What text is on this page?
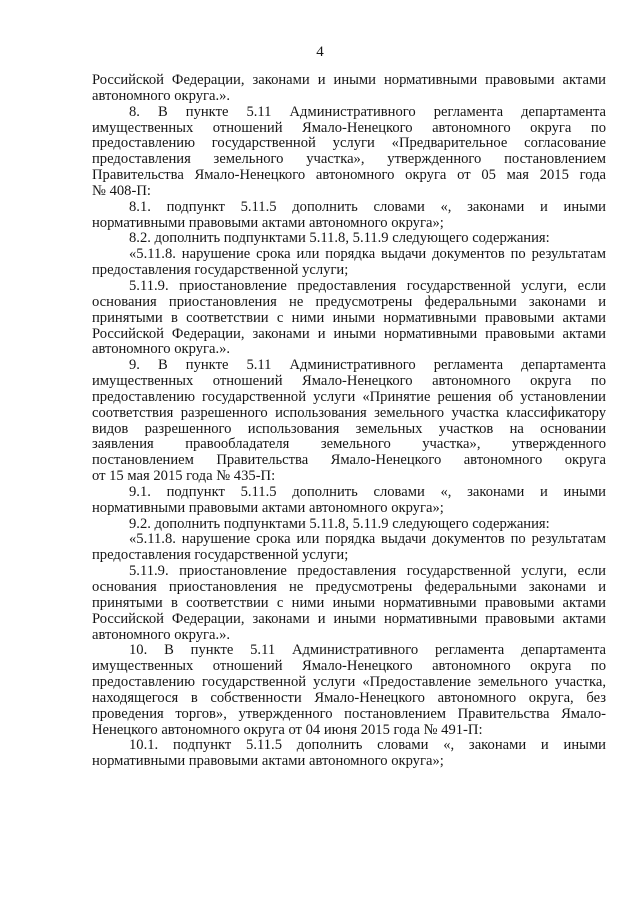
4
Российской Федерации, законами и иными нормативными правовыми актами
автономного округа.».
8. В пункте 5.11 Административного регламента департамента
имущественных отношений Ямало-Ненецкого автономного округа по
предоставлению государственной услуги «Предварительное согласование
предоставления земельного участка», утвержденного постановлением
Правительства Ямало-Ненецкого автономного округа от 05 мая 2015 года
№ 408-П:
8.1. подпункт 5.11.5 дополнить словами «, законами и иными
нормативными правовыми актами автономного округа»;
8.2. дополнить подпунктами 5.11.8, 5.11.9 следующего содержания:
«5.11.8. нарушение срока или порядка выдачи документов по результатам
предоставления государственной услуги;
5.11.9. приостановление предоставления государственной услуги, если
основания приостановления не предусмотрены федеральными законами и
принятыми в соответствии с ними иными нормативными правовыми актами
Российской Федерации, законами и иными нормативными правовыми актами
автономного округа.».
9. В пункте 5.11 Административного регламента департамента
имущественных отношений Ямало-Ненецкого автономного округа по
предоставлению государственной услуги «Принятие решения об установлении
соответствия разрешенного использования земельного участка классификатору
видов разрешенного использования земельных участков на основании
заявления правообладателя земельного участка», утвержденного
постановлением Правительства Ямало-Ненецкого автономного округа
от 15 мая 2015 года № 435-П:
9.1. подпункт 5.11.5 дополнить словами «, законами и иными
нормативными правовыми актами автономного округа»;
9.2. дополнить подпунктами 5.11.8, 5.11.9 следующего содержания:
«5.11.8. нарушение срока или порядка выдачи документов по результатам
предоставления государственной услуги;
5.11.9. приостановление предоставления государственной услуги, если
основания приостановления не предусмотрены федеральными законами и
принятыми в соответствии с ними иными нормативными правовыми актами
Российской Федерации, законами и иными нормативными правовыми актами
автономного округа.».
10. В пункте 5.11 Административного регламента департамента
имущественных отношений Ямало-Ненецкого автономного округа по
предоставлению государственной услуги «Предоставление земельного участка,
находящегося в собственности Ямало-Ненецкого автономного округа, без
проведения торгов», утвержденного постановлением Правительства Ямало-
Ненецкого автономного округа от 04 июня 2015 года № 491-П:
10.1. подпункт 5.11.5 дополнить словами «, законами и иными
нормативными правовыми актами автономного округа»;
